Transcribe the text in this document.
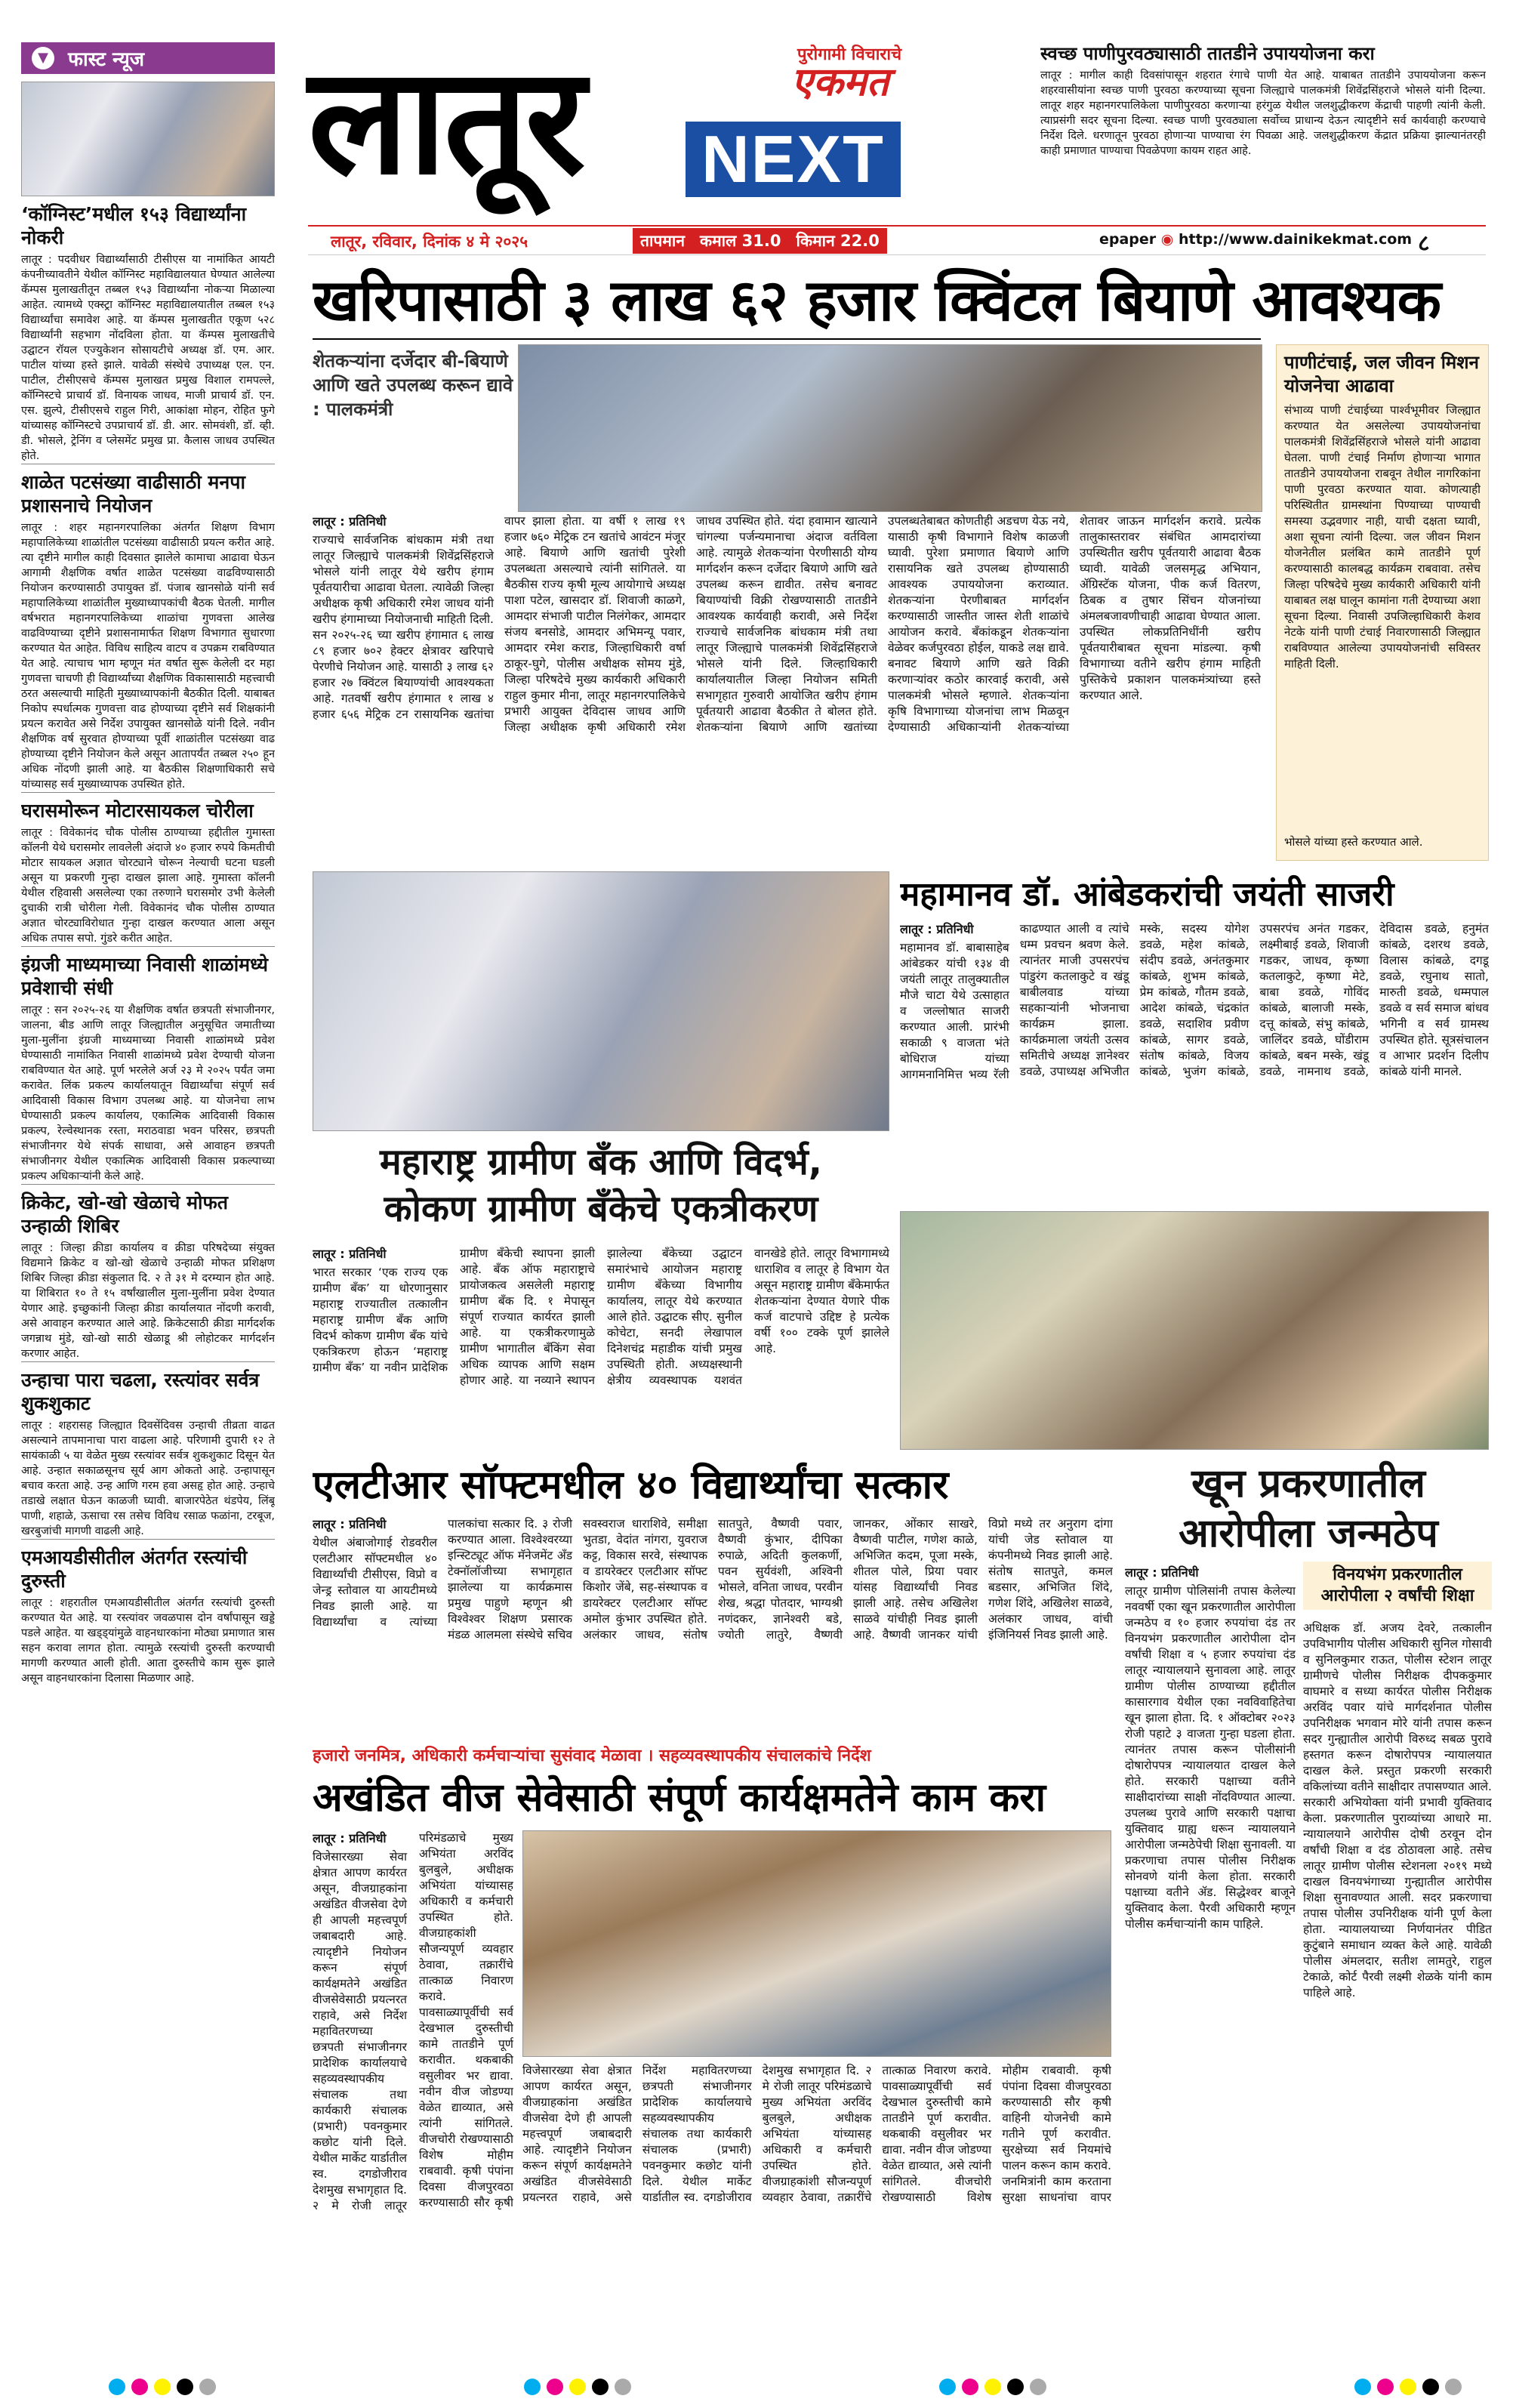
▼	फास्ट न्यूज
‘कॉग्निस्ट’मधील १५३ विद्यार्थ्यांना नोकरी
लातूर : पदवीधर विद्यार्थ्यांसाठी टीसीएस या नामांकित आयटी कंपनीच्यावतीने येथील कॉग्निस्ट महाविद्यालयात घेण्यात आलेल्या कॅम्पस मुलाखतीतून तब्बल १५३ विद्यार्थ्यांना नोकऱ्या मिळाल्या आहेत. त्यामध्ये एक्स्ट्रा कॉग्निस्ट महाविद्यालयातील तब्बल १५३ विद्यार्थ्यांचा समावेश आहे. या कॅम्पस मुलाखतीत एकूण ५२८ विद्यार्थ्यांनी सहभाग नोंदविला होता. या कॅम्पस मुलाखतीचे उद्घाटन रॉयल एज्युकेशन सोसायटीचे अध्यक्ष डॉ. एम. आर. पाटील यांच्या हस्ते झाले. यावेळी संस्थेचे उपाध्यक्ष एल. एन. पाटील, टीसीएसचे कॅम्पस मुलाखत प्रमुख विशाल रामपल्ले, कॉग्निस्टचे प्राचार्य डॉ. विनायक जाधव, माजी प्राचार्य डॉ. एन. एस. झुल्पे, टीसीएसचे राहुल गिरी, आकांक्षा मोहन, रोहित फुगे यांच्यासह कॉग्निस्टचे उपप्राचार्य डॉ. डी. आर. सोमवंशी, डॉ. व्ही. डी. भोसले, ट्रेनिंग व प्लेसमेंट प्रमुख प्रा. कैलास जाधव उपस्थित होते.
शाळेत पटसंख्या वाढीसाठी मनपा प्रशासनाचे नियोजन
लातूर : शहर महानगरपालिका अंतर्गत शिक्षण विभाग महापालिकेच्या शाळांतील पटसंख्या वाढीसाठी प्रयत्न करीत आहे. त्या दृष्टीने मागील काही दिवसात झालेले कामाचा आढावा घेऊन आगामी शैक्षणिक वर्षात शाळेत पटसंख्या वाढविण्यासाठी नियोजन करण्यासाठी उपायुक्त डॉ. पंजाब खानसोळे यांनी सर्व महापालिकेच्या शाळांतील मुख्याध्यापकांची बैठक घेतली. मागील वर्षभरात महानगरपालिकेच्या शाळांचा गुणवत्ता आलेख वाढविण्याच्या दृष्टीने प्रशासनामार्फत शिक्षण विभागात सुधारणा करण्यात येत आहेत. विविध साहित्य वाटप व उपक्रम राबविण्यात येत आहे. त्याचाच भाग म्हणून मंत वर्षात सुरू केलेली दर महा गुणवत्ता चाचणी ही विद्यार्थ्यांच्या शैक्षणिक विकासासाठी महत्त्वाची ठरत असल्याची माहिती मुख्याध्यापकांनी बैठकीत दिली. याबाबत निकोप स्पर्धात्मक गुणवत्ता वाढ होण्याच्या दृष्टीने सर्व शिक्षकांनी प्रयत्न करावेत असे निर्देश उपायुक्त खानसोळे यांनी दिले. नवीन शैक्षणिक वर्ष सुरवात होण्याच्या पूर्वी शाळांतील पटसंख्या वाढ होण्याच्या दृष्टीने नियोजन केले असून आतापर्यंत तब्बल २५० हून अधिक नोंदणी झाली आहे. या बैठकीस शिक्षणाधिकारी सचे यांच्यासह सर्व मुख्याध्यापक उपस्थित होते.
घरासमोरून मोटारसायकल चोरीला
लातूर : विवेकानंद चौक पोलीस ठाण्याच्या हद्दीतील गुमास्ता कॉलनी येथे घरासमोर लावलेली अंदाजे ४० हजार रुपये किमतीची मोटार सायकल अज्ञात चोरट्याने चोरून नेल्याची घटना घडली असून या प्रकरणी गुन्हा दाखल झाला आहे. गुमास्ता कॉलनी येथील रहिवासी असलेल्या एका तरुणाने घरासमोर उभी केलेली दुचाकी रात्री चोरीला गेली. विवेकानंद चौक पोलीस ठाण्यात अज्ञात चोरट्याविरोधात गुन्हा दाखल करण्यात आला असून अधिक तपास सपो. गुंडरे करीत आहेत.
इंग्रजी माध्यमाच्या निवासी शाळांमध्ये प्रवेशाची संधी
लातूर : सन २०२५-२६ या शैक्षणिक वर्षात छत्रपती संभाजीनगर, जालना, बीड आणि लातूर जिल्ह्यातील अनुसूचित जमातीच्या मुला-मुलींना इंग्रजी माध्यमाच्या निवासी शाळांमध्ये प्रवेश घेण्यासाठी नामांकित निवासी शाळांमध्ये प्रवेश देण्याची योजना राबविण्यात येत आहे. पूर्ण भरलेले अर्ज २३ मे २०२५ पर्यंत जमा करावेत. लिंक प्रकल्प कार्यालयातून विद्यार्थ्यांचा संपूर्ण सर्व आदिवासी विकास विभाग उपलब्ध आहे. या योजनेचा लाभ घेण्यासाठी प्रकल्प कार्यालय, एकात्मिक आदिवासी विकास प्रकल्प, रेल्वेस्थानक रस्ता, मराठवाडा भवन परिसर, छत्रपती संभाजीनगर येथे संपर्क साधावा, असे आवाहन छत्रपती संभाजीनगर येथील एकात्मिक आदिवासी विकास प्रकल्पाच्या प्रकल्प अधिकाऱ्यांनी केले आहे.
क्रिकेट, खो-खो खेळाचे मोफत उन्हाळी शिबिर
लातूर : जिल्हा क्रीडा कार्यालय व क्रीडा परिषदेच्या संयुक्त विद्यमाने क्रिकेट व खो-खो खेळाचे उन्हाळी मोफत प्रशिक्षण शिबिर जिल्हा क्रीडा संकुलात दि. २ ते ३१ मे दरम्यान होत आहे. या शिबिरात १० ते १५ वर्षांखालील मुला-मुलींना प्रवेश देण्यात येणार आहे. इच्छुकांनी जिल्हा क्रीडा कार्यालयात नोंदणी करावी, असे आवाहन करण्यात आले आहे. क्रिकेटसाठी क्रीडा मार्गदर्शक जगन्नाथ मुंडे, खो-खो साठी खेळाडू श्री लोहोटकर मार्गदर्शन करणार आहेत.
उन्हाचा पारा चढला, रस्त्यांवर सर्वत्र शुकशुकाट
लातूर : शहरासह जिल्ह्यात दिवसेंदिवस उन्हाची तीव्रता वाढत असल्याने तापमानाचा पारा वाढला आहे. परिणामी दुपारी १२ ते सायंकाळी ५ या वेळेत मुख्य रस्त्यांवर सर्वत्र शुकशुकाट दिसून येत आहे. उन्हात सकाळसूनच सूर्य आग ओकतो आहे. उन्हापासून बचाव करता आहे. उन्ह आणि गरम हवा असहृ होत आहे. उन्हाचे तडाखे लक्षात घेऊन काळजी घ्यावी. बाजारपेठेत थंडपेय, लिंबू पाणी, शहाळे, ऊसाचा रस तसेच विविध रसाळ फळांना, टरबूज, खरबुजांची मागणी वाढली आहे.
एमआयडीसीतील अंतर्गत रस्त्यांची दुरुस्ती
लातूर : शहरातील एमआयडीसीतील अंतर्गत रस्त्यांची दुरुस्ती करण्यात येत आहे. या रस्त्यांवर जवळपास दोन वर्षांपासून खड्डे पडले आहेत. या खड्ड्यांमुळे वाहनधारकांना मोठ्या प्रमाणात त्रास सहन करावा लागत होता. त्यामुळे रस्त्यांची दुरुस्ती करण्याची मागणी करण्यात आली होती. आता दुरुस्तीचे काम सुरू झाले असून वाहनधारकांना दिलासा मिळणार आहे.
लातूर	पुरोगामी विचाराचे
एकमत
NEXT
लातूर, रविवार, दिनांक ४ मे २०२५	तापमान कमाल 31.0 किमान 22.0	epaper ◉ http://www.dainikekmat.com ८
स्वच्छ पाणीपुरवठ्यासाठी तातडीने उपाययोजना करा
लातूर : मागील काही दिवसांपासून शहरात रंगाचे पाणी येत आहे. याबाबत तातडीने उपाययोजना करून शहरवासीयांना स्वच्छ पाणी पुरवठा करण्याच्या सूचना जिल्ह्याचे पालकमंत्री शिवेंद्रसिंहराजे भोसले यांनी दिल्या. लातूर शहर महानगरपालिकेला पाणीपुरवठा करणाऱ्या हरंगुळ येथील जलशुद्धीकरण केंद्राची पाहणी त्यांनी केली. त्याप्रसंगी सदर सूचना दिल्या. स्वच्छ पाणी पुरवठ्याला सर्वोच्च प्राधान्य देऊन त्यादृष्टीने सर्व कार्यवाही करण्याचे निर्देश दिले. धरणातून पुरवठा होणाऱ्या पाण्याचा रंग पिवळा आहे. जलशुद्धीकरण केंद्रात प्रक्रिया झाल्यानंतरही काही प्रमाणात पाण्याचा पिवळेपणा कायम राहत आहे.
खरिपासाठी ३ लाख ६२ हजार क्विंटल बियाणे आवश्यक
शेतकऱ्यांना दर्जेदार बी-बियाणे आणि खते उपलब्ध करून द्यावे : पालकमंत्री
लातूर : प्रतिनिधी
राज्याचे सार्वजनिक बांधकाम मंत्री तथा लातूर जिल्ह्याचे पालकमंत्री शिवेंद्रसिंहराजे भोसले यांनी लातूर येथे खरीप हंगाम पूर्वतयारीचा आढावा घेतला. त्यावेळी जिल्हा अधीक्षक कृषी अधिकारी रमेश जाधव यांनी खरीप हंगामाच्या नियोजनाची माहिती दिली. सन २०२५-२६ च्या खरीप हंगामात ६ लाख ८९ हजार ७०२ हेक्टर क्षेत्रावर खरिपाचे पेरणीचे नियोजन आहे. यासाठी ३ लाख ६२ हजार २७ क्विंटल बियाण्यांची आवश्यकता आहे. गतवर्षी खरीप हंगामात १ लाख ४ हजार ६५६ मेट्रिक टन रासायनिक खतांचा वापर झाला होता. या वर्षी १ लाख १९ हजार ७६० मेट्रिक टन खतांचे आवंटन मंजूर आहे. बियाणे आणि खतांची पुरेशी उपलब्धता असल्याचे त्यांनी सांगितले. या बैठकीस राज्य कृषी मूल्य आयोगाचे अध्यक्ष पाशा पटेल, खासदार डॉ. शिवाजी काळगे, आमदार संभाजी पाटील निलंगेकर, आमदार संजय बनसोडे, आमदार अभिमन्यू पवार, आमदार रमेश कराड, जिल्हाधिकारी वर्षा ठाकूर-घुगे, पोलीस अधीक्षक सोमय मुंडे, जिल्हा परिषदेचे मुख्य कार्यकारी अधिकारी राहुल कुमार मीना, लातूर महानगरपालिकेचे प्रभारी आयुक्त देविदास जाधव आणि जिल्हा अधीक्षक कृषी अधिकारी रमेश जाधव उपस्थित होते. यंदा हवामान खात्याने चांगल्या पर्जन्यमानाचा अंदाज वर्तविला आहे. त्यामुळे शेतकऱ्यांना पेरणीसाठी योग्य मार्गदर्शन करून दर्जेदार बियाणे आणि खते उपलब्ध करून द्यावीत. तसेच बनावट बियाण्यांची विक्री रोखण्यासाठी तातडीने आवश्यक कार्यवाही करावी, असे निर्देश राज्याचे सार्वजनिक बांधकाम मंत्री तथा लातूर जिल्ह्याचे पालकमंत्री शिवेंद्रसिंहराजे भोसले यांनी दिले. जिल्हाधिकारी कार्यालयातील जिल्हा नियोजन समिती सभागृहात गुरुवारी आयोजित खरीप हंगाम पूर्वतयारी आढावा बैठकीत ते बोलत होते. शेतकऱ्यांना बियाणे आणि खतांच्या उपलब्धतेबाबत कोणतीही अडचण येऊ नये, यासाठी कृषी विभागाने विशेष काळजी घ्यावी. पुरेशा प्रमाणात बियाणे आणि रासायनिक खते उपलब्ध होण्यासाठी आवश्यक उपाययोजना कराव्यात. शेतकऱ्यांना पेरणीबाबत मार्गदर्शन करण्यासाठी जास्तीत जास्त शेती शाळांचे आयोजन करावे. बँकांकडून शेतकऱ्यांना वेळेवर कर्जपुरवठा होईल, याकडे लक्ष द्यावे. बनावट बियाणे आणि खते विक्री करणाऱ्यांवर कठोर कारवाई करावी, असे पालकमंत्री भोसले म्हणाले. शेतकऱ्यांना कृषि विभागाच्या योजनांचा लाभ मिळवून देण्यासाठी अधिकाऱ्यांनी शेतकऱ्यांच्या शेतावर जाऊन मार्गदर्शन करावे. प्रत्येक तालुकास्तरावर संबंधित आमदारांच्या उपस्थितीत खरीप पूर्वतयारी आढावा बैठक घ्यावी. यावेळी जलसमृद्ध अभियान, ॲग्रिस्टॅक योजना, पीक कर्ज वितरण, ठिबक व तुषार सिंचन योजनांच्या अंमलबजावणीचाही आढावा घेण्यात आला. उपस्थित लोकप्रतिनिधींनी खरीप पूर्वतयारीबाबत सूचना मांडल्या. कृषी विभागाच्या वतीने खरीप हंगाम माहिती पुस्तिकेचे प्रकाशन पालकमंत्र्यांच्या हस्ते करण्यात आले.
पाणीटंचाई, जल जीवन मिशन योजनेचा आढावा
संभाव्य पाणी टंचाईच्या पार्श्वभूमीवर जिल्ह्यात करण्यात येत असलेल्या उपाययोजनांचा पालकमंत्री शिवेंद्रसिंहराजे भोसले यांनी आढावा घेतला. पाणी टंचाई निर्माण होणाऱ्या भागात तातडीने उपाययोजना राबवून तेथील नागरिकांना पाणी पुरवठा करण्यात यावा. कोणत्याही परिस्थितीत ग्रामस्थांना पिण्याच्या पाण्याची समस्या उद्भवणार नाही, याची दक्षता घ्यावी, अशा सूचना त्यांनी दिल्या. जल जीवन मिशन योजनेतील प्रलंबित कामे तातडीने पूर्ण करण्यासाठी कालबद्ध कार्यक्रम राबवावा. तसेच जिल्हा परिषदेचे मुख्य कार्यकारी अधिकारी यांनी याबाबत लक्ष घालून कामांना गती देण्याच्या अशा सूचना दिल्या. निवासी उपजिल्हाधिकारी केशव नेटके यांनी पाणी टंचाई निवारणासाठी जिल्ह्यात राबविण्यात आलेल्या उपाययोजनांची सविस्तर माहिती दिली.
भोसले यांच्या हस्ते करण्यात आले.
महाराष्ट्र ग्रामीण बँक आणि विदर्भ,
कोकण ग्रामीण बँकेचे एकत्रीकरण
लातूर : प्रतिनिधी
भारत सरकार ‘एक राज्य एक ग्रामीण बँक’ या धोरणानुसार महाराष्ट्र राज्यातील तत्कालीन महाराष्ट्र ग्रामीण बँक आणि विदर्भ कोकण ग्रामीण बँक यांचे एकत्रिकरण होऊन ‘महाराष्ट्र ग्रामीण बँक’ या नवीन प्रादेशिक ग्रामीण बँकेची स्थापना झाली आहे. बँक ऑफ महाराष्ट्राचे प्रायोजकत्व असलेली महाराष्ट्र ग्रामीण बँक दि. १ मेपासून संपूर्ण राज्यात कार्यरत झाली आहे. या एकत्रीकरणामुळे ग्रामीण भागातील बँकिंग सेवा अधिक व्यापक आणि सक्षम होणार आहे. या नव्याने स्थापन झालेल्या बँकेच्या उद्घाटन समारंभाचे आयोजन महाराष्ट्र ग्रामीण बँकेच्या विभागीय कार्यालय, लातूर येथे करण्यात आले होते. उद्घाटक सीए. सुनील कोचेटा, सनदी लेखापाल दिनेशचंद्र महाडीक यांची प्रमुख उपस्थिती होती. अध्यक्षस्थानी क्षेत्रीय व्यवस्थापक यशवंत वानखेडे होते. लातूर विभागामध्ये धाराशिव व लातूर हे विभाग येत असून महाराष्ट्र ग्रामीण बँकेमार्फत शेतकऱ्यांना देण्यात येणारे पीक कर्ज वाटपाचे उद्दिष्ट हे प्रत्येक वर्षी १०० टक्के पूर्ण झालेले आहे.
महामानव डॉ. आंबेडकरांची जयंती साजरी
लातूर : प्रतिनिधी
महामानव डॉ. बाबासाहेब आंबेडकर यांची १३४ वी जयंती लातूर तालुक्यातील मौजे चाटा येथे उत्साहात व जल्लोषात साजरी करण्यात आली. प्रारंभी सकाळी ९ वाजता भंते बोधिराज यांच्या आगमनानिमित्त भव्य रॅली काढण्यात आली व त्यांचे धम्म प्रवचन श्रवण केले. त्यानंतर माजी उपसरपंच पांडुरंग कतलाकुटे व खंडू बाबीलवाड यांच्या सहकाऱ्यांनी भोजनाचा कार्यक्रम झाला. कार्यक्रमाला जयंती उत्सव समितीचे अध्यक्ष ज्ञानेश्वर डवळे, उपाध्यक्ष अभिजीत मस्के, सदस्य योगेश डवळे, महेश कांबळे, संदीप डवळे, अनंतकुमार कांबळे, शुभम कांबळे, प्रेम कांबळे, गौतम डवळे, आदेश कांबळे, चंद्रकांत डवळे, सदाशिव प्रवीण कांबळे, सागर डवळे, संतोष कांबळे, विजय कांबळे, भुजंग कांबळे, उपसरपंच अनंत गडकर, लक्ष्मीबाई डवळे, शिवाजी गडकर, जाधव, कृष्णा कतलाकुटे, कृष्णा मेटे, बाबा डवळे, गोविंद कांबळे, बालाजी मस्के, दत्तू कांबळे, संभु कांबळे, जालिंदर डवळे, घोंडीराम कांबळे, बबन मस्के, खंडू डवळे, नामनाथ डवळे, देविदास डवळे, हनुमंत कांबळे, दशरथ डवळे, विलास कांबळे, दगडू डवळे, रघुनाथ सातो, मारुती डवळे, धम्मपाल डवळे व सर्व समाज बांधव भगिनी व सर्व ग्रामस्थ उपस्थित होते. सूत्रसंचालन व आभार प्रदर्शन दिलीप कांबळे यांनी मानले.
एलटीआर सॉफ्टमधील ४० विद्यार्थ्यांचा सत्कार
लातूर : प्रतिनिधी
येथील अंबाजोगाई रोडवरील एलटीआर सॉफ्टमधील ४० विद्यार्थ्यांची टीसीएस, विप्रो व जेन्ड्र स्तोवाल या आयटीमध्ये निवड झाली आहे. या विद्यार्थ्यांचा व त्यांच्या पालकांचा सत्कार दि. ३ रोजी करण्यात आला. विश्वेश्वरय्या इन्स्टिट्यूट ऑफ मॅनेजमेंट अँड टेक्नॉलॉजीच्या सभागृहात झालेल्या या कार्यक्रमास प्रमुख पाहुणे म्हणून श्री विश्वेश्वर शिक्षण प्रसारक मंडळ आलमला संस्थेचे सचिव सवस्वराज धाराशिवे, समीक्षा भुतडा, वेदांत नांगरा, युवराज कट्ट, विकास सरवे, संस्थापक व डायरेक्टर एलटीआर सॉफ्ट किशोर जेंबे, सह-संस्थापक व डायरेक्टर एलटीआर सॉफ्ट अमोल कुंभार उपस्थित होते. अलंकार जाधव, संतोष सातपुते, वैष्णवी पवार, वैष्णवी कुंभार, दीपिका रुपाळे, अदिती कुलकर्णी, पवन सुर्यवंशी, अश्विनी भोसले, वनिता जाधव, परवीन शेख, श्रद्धा पोतदार, भाग्यश्री नणंदकर, ज्ञानेश्वरी बडे, ज्योती लातुरे, वैष्णवी जानकर, ओंकार साखरे, वैष्णवी पाटील, गणेश काळे, अभिजित कदम, पूजा मस्के, शीतल पोले, प्रिया पवार यांसह विद्यार्थ्यांची निवड झाली आहे. तसेच अखिलेश साळवे यांचीही निवड झाली आहे. वैष्णवी जानकर यांची विप्रो मध्ये तर अनुराग दांगा यांची जेड स्तोवाल या कंपनीमध्ये निवड झाली आहे. संतोष सातपुते, कमल बडसार, अभिजित शिंदे, गणेश शिंदे, अखिलेश साळवे, अलंकार जाधव, वांची इंजिनियर्स निवड झाली आहे.
खून प्रकरणातील
आरोपीला जन्मठेप
लातूर : प्रतिनिधी
लातूर ग्रामीण पोलिसांनी तपास केलेल्या नववर्षी एका खून प्रकरणातील आरोपीला जन्मठेप व १० हजार रुपयांचा दंड तर विनयभंग प्रकरणातील आरोपीला दोन वर्षांची शिक्षा व ५ हजार रुपयांचा दंड लातूर न्यायालयाने सुनावला आहे. लातूर ग्रामीण पोलीस ठाण्याच्या हद्दीतील कासारगाव येथील एका नवविवाहितेचा खून झाला होता. दि. १ ऑक्टोबर २०२३ रोजी पहाटे ३ वाजता गुन्हा घडला होता. त्यानंतर तपास करून पोलीसांनी दोषारोपपत्र न्यायालयात दाखल केले होते. सरकारी पक्षाच्या वतीने साक्षीदारांच्या साक्षी नोंदविण्यात आल्या. उपलब्ध पुरावे आणि सरकारी पक्षाचा युक्तिवाद ग्राह्य धरून न्यायालयाने आरोपीला जन्मठेपेची शिक्षा सुनावली. या प्रकरणाचा तपास पोलीस निरीक्षक सोनवणे यांनी केला होता. सरकारी पक्षाच्या वतीने ॲड. सिद्धेश्वर बाजूने युक्तिवाद केला. पैरवी अधिकारी म्हणून पोलीस कर्मचाऱ्यांनी काम पाहिले.
विनयभंग प्रकरणातील
आरोपीला २ वर्षांची शिक्षा
अधिक्षक डॉ. अजय देवरे, तत्कालीन उपविभागीय पोलीस अधिकारी सुनिल गोसावी व सुनिलकुमार राऊत, पोलीस स्टेशन लातूर ग्रामीणचे पोलीस निरीक्षक दीपककुमार वाघमारे व सध्या कार्यरत पोलीस निरीक्षक अरविंद पवार यांचे मार्गदर्शनात पोलीस उपनिरीक्षक भगवान मोरे यांनी तपास करून सदर गुन्ह्यातील आरोपी विरुध्द सबळ पुरावे हस्तगत करून दोषारोपपत्र न्यायालयात दाखल केले. प्रस्तुत प्रकरणी सरकारी वकिलांच्या वतीने साक्षीदार तपासण्यात आले. सरकारी अभियोक्ता यांनी प्रभावी युक्तिवाद केला. प्रकरणातील पुराव्यांच्या आधारे मा. न्यायालयाने आरोपीस दोषी ठरवून दोन वर्षांची शिक्षा व दंड ठोठावला आहे. तसेच लातूर ग्रामीण पोलीस स्टेशनला २०१९ मध्ये दाखल विनयभंगाच्या गुन्ह्यातील आरोपीस शिक्षा सुनावण्यात आली. सदर प्रकरणाचा तपास पोलीस उपनिरीक्षक यांनी पूर्ण केला होता. न्यायालयाच्या निर्णयानंतर पीडित कुटुंबाने समाधान व्यक्त केले आहे. यावेळी पोलीस अंमलदार, सतीश लामतुरे, राहुल टेकाळे, कोर्ट पैरवी लक्ष्मी शेळके यांनी काम पाहिले आहे.
हजारो जनमित्र, अधिकारी कर्मचाऱ्यांचा सुसंवाद मेळावा । सहव्यवस्थापकीय संचालकांचे निर्देश
अखंडित वीज सेवेसाठी संपूर्ण कार्यक्षमतेने काम करा
लातूर : प्रतिनिधी
विजेसारख्या सेवा क्षेत्रात आपण कार्यरत असून, वीजग्राहकांना अखंडित वीजसेवा देणे ही आपली महत्त्वपूर्ण जबाबदारी आहे. त्यादृष्टीने नियोजन करून संपूर्ण कार्यक्षमतेने अखंडित वीजसेवेसाठी प्रयत्नरत राहावे, असे निर्देश महावितरणच्या छत्रपती संभाजीनगर प्रादेशिक कार्यालयाचे सहव्यवस्थापकीय संचालक तथा कार्यकारी संचालक (प्रभारी) पवनकुमार कछोट यांनी दिले. येथील मार्केट यार्डातील स्व. दगडोजीराव देशमुख सभागृहात दि. २ मे रोजी लातूर परिमंडळाचे मुख्य अभियंता अरविंद बुलबुले, अधीक्षक अभियंता यांच्यासह अधिकारी व कर्मचारी उपस्थित होते. वीजग्राहकांशी सौजन्यपूर्ण व्यवहार ठेवावा, तक्रारींचे तात्काळ निवारण करावे. पावसाळ्यापूर्वीची सर्व देखभाल दुरुस्तीची कामे तातडीने पूर्ण करावीत. थकबाकी वसुलीवर भर द्यावा. नवीन वीज जोडण्या वेळेत द्याव्यात, असे त्यांनी सांगितले. वीजचोरी रोखण्यासाठी विशेष मोहीम राबवावी. कृषी पंपांना दिवसा वीजपुरवठा करण्यासाठी सौर कृषी
विजेसारख्या सेवा क्षेत्रात आपण कार्यरत असून, वीजग्राहकांना अखंडित वीजसेवा देणे ही आपली महत्त्वपूर्ण जबाबदारी आहे. त्यादृष्टीने नियोजन करून संपूर्ण कार्यक्षमतेने अखंडित वीजसेवेसाठी प्रयत्नरत राहावे, असे निर्देश महावितरणच्या छत्रपती संभाजीनगर प्रादेशिक कार्यालयाचे सहव्यवस्थापकीय संचालक तथा कार्यकारी संचालक (प्रभारी) पवनकुमार कछोट यांनी दिले. येथील मार्केट यार्डातील स्व. दगडोजीराव देशमुख सभागृहात दि. २ मे रोजी लातूर परिमंडळाचे मुख्य अभियंता अरविंद बुलबुले, अधीक्षक अभियंता यांच्यासह अधिकारी व कर्मचारी उपस्थित होते. वीजग्राहकांशी सौजन्यपूर्ण व्यवहार ठेवावा, तक्रारींचे तात्काळ निवारण करावे. पावसाळ्यापूर्वीची सर्व देखभाल दुरुस्तीची कामे तातडीने पूर्ण करावीत. थकबाकी वसुलीवर भर द्यावा. नवीन वीज जोडण्या वेळेत द्याव्यात, असे त्यांनी सांगितले. वीजचोरी रोखण्यासाठी विशेष मोहीम राबवावी. कृषी पंपांना दिवसा वीजपुरवठा करण्यासाठी सौर कृषी वाहिनी योजनेची कामे गतीने पूर्ण करावीत. सुरक्षेच्या सर्व नियमांचे पालन करून काम करावे. जनमित्रांनी काम करताना सुरक्षा साधनांचा वापर
